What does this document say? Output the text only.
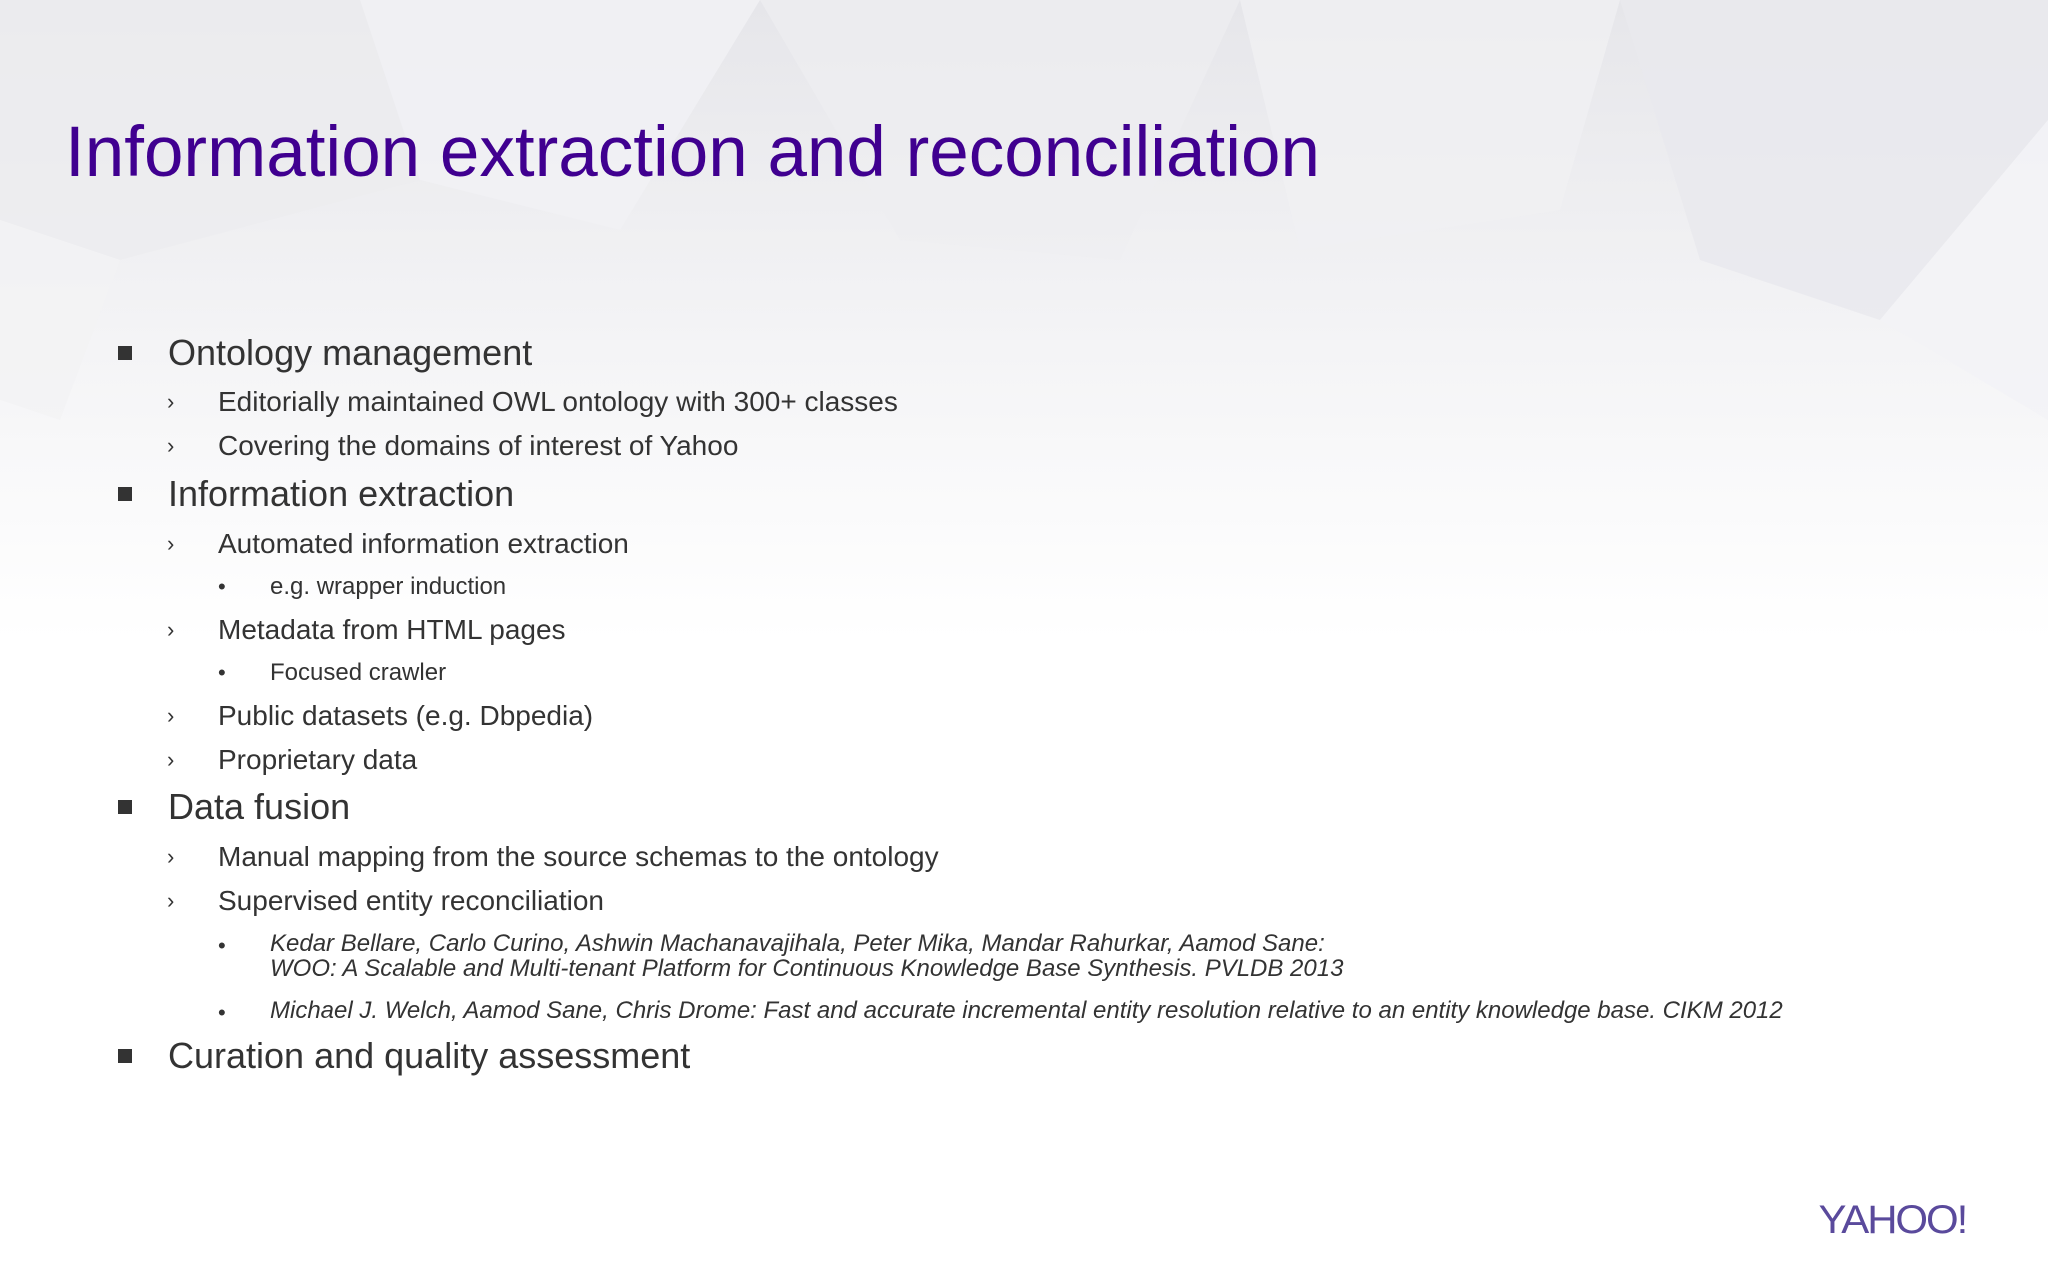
Information extraction and reconciliation
Ontology management
› Editorially maintained OWL ontology with 300+ classes
› Covering the domains of interest of Yahoo
Information extraction
› Automated information extraction
• e.g. wrapper induction
› Metadata from HTML pages
• Focused crawler
› Public datasets (e.g. Dbpedia)
› Proprietary data
Data fusion
› Manual mapping from the source schemas to the ontology
› Supervised entity reconciliation
• Kedar Bellare, Carlo Curino, Ashwin Machanavajihala, Peter Mika, Mandar Rahurkar, Aamod Sane:
WOO: A Scalable and Multi-tenant Platform for Continuous Knowledge Base Synthesis. PVLDB 2013
• Michael J. Welch, Aamod Sane, Chris Drome: Fast and accurate incremental entity resolution relative to an entity knowledge base. CIKM 2012
Curation and quality assessment
YAHOO!
